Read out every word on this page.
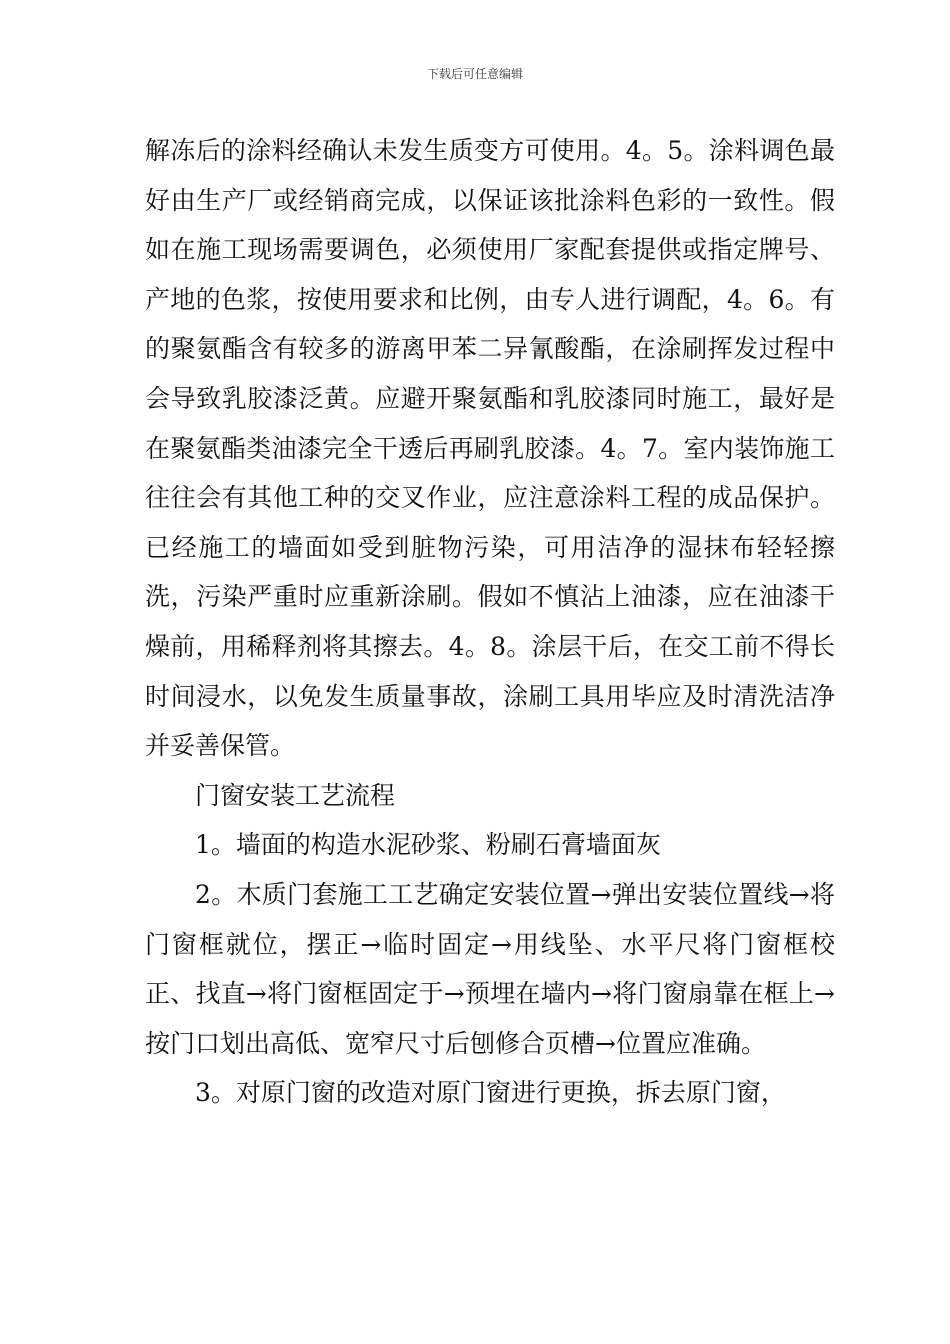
下载后可任意编辑

解冻后的涂料经确认未发生质变方可使用。4。5。涂料调色最好由生产厂或经销商完成，以保证该批涂料色彩的一致性。假如在施工现场需要调色，必须使用厂家配套提供或指定牌号、产地的色浆，按使用要求和比例，由专人进行调配，4。6。有的聚氨酯含有较多的游离甲苯二异氰酸酯，在涂刷挥发过程中会导致乳胶漆泛黄。应避开聚氨酯和乳胶漆同时施工，最好是在聚氨酯类油漆完全干透后再刷乳胶漆。4。7。室内装饰施工往往会有其他工种的交叉作业，应注意涂料工程的成品保护。已经施工的墙面如受到脏物污染，可用洁净的湿抹布轻轻擦洗，污染严重时应重新涂刷。假如不慎沾上油漆，应在油漆干燥前，用稀释剂将其擦去。4。8。涂层干后，在交工前不得长时间浸水，以免发生质量事故，涂刷工具用毕应及时清洗洁净并妥善保管。

门窗安装工艺流程

1。墙面的构造水泥砂浆、粉刷石膏墙面灰

2。木质门套施工工艺确定安装位置→弹出安装位置线→将门窗框就位，摆正→临时固定→用线坠、水平尺将门窗框校正、找直→将门窗框固定于→预埋在墙内→将门窗扇靠在框上→按门口划出高低、宽窄尺寸后刨修合页槽→位置应准确。

3。对原门窗的改造对原门窗进行更换，拆去原门窗，
